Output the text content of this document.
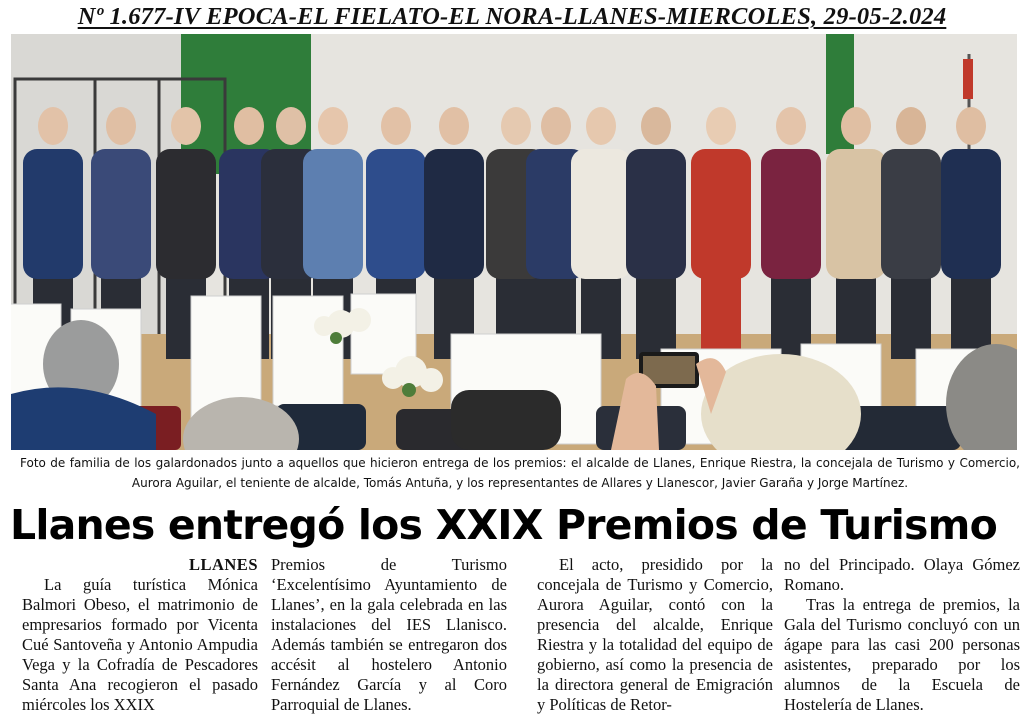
Nº 1.677-IV EPOCA-EL FIELATO-EL NORA-LLANES-MIERCOLES, 29-05-2.024
Foto de familia de los galardonados junto a aquellos que hicieron entrega de los premios: el alcalde de Llanes, Enrique Riestra, la concejala de Turismo y Comercio, Aurora Aguilar, el teniente de alcalde, Tomás Antuña, y los representantes de Allares y Llanescor, Javier Garaña y Jorge Martínez.
Llanes entregó los XXIX Premios de Turismo
LLANES

La guía turística Mónica Balmori Obeso, el matrimonio de empresarios formado por Vicenta Cué Santoveña y Antonio Ampudia Vega y la Cofradía de Pescadores Santa Ana recogieron el pasado miércoles los XXIX

Premios de Turismo ‘Excelentísimo Ayuntamiento de Llanes’, en la gala celebrada en las instalaciones del IES Llanisco. Además también se entregaron dos accésit al hostelero Antonio Fernández García y al Coro Parroquial de Llanes.

El acto, presidido por la concejala de Turismo y Comercio, Aurora Aguilar, contó con la presencia del alcalde, Enrique Riestra y la totalidad del equipo de gobierno, así como la presencia de la directora general de Emigración y Políticas de Retor-

no del Principado. Olaya Gómez Romano.

Tras la entrega de premios, la Gala del Turismo concluyó con un ágape para las casi 200 personas asistentes, preparado por los alumnos de la Escuela de Hostelería de Llanes.
